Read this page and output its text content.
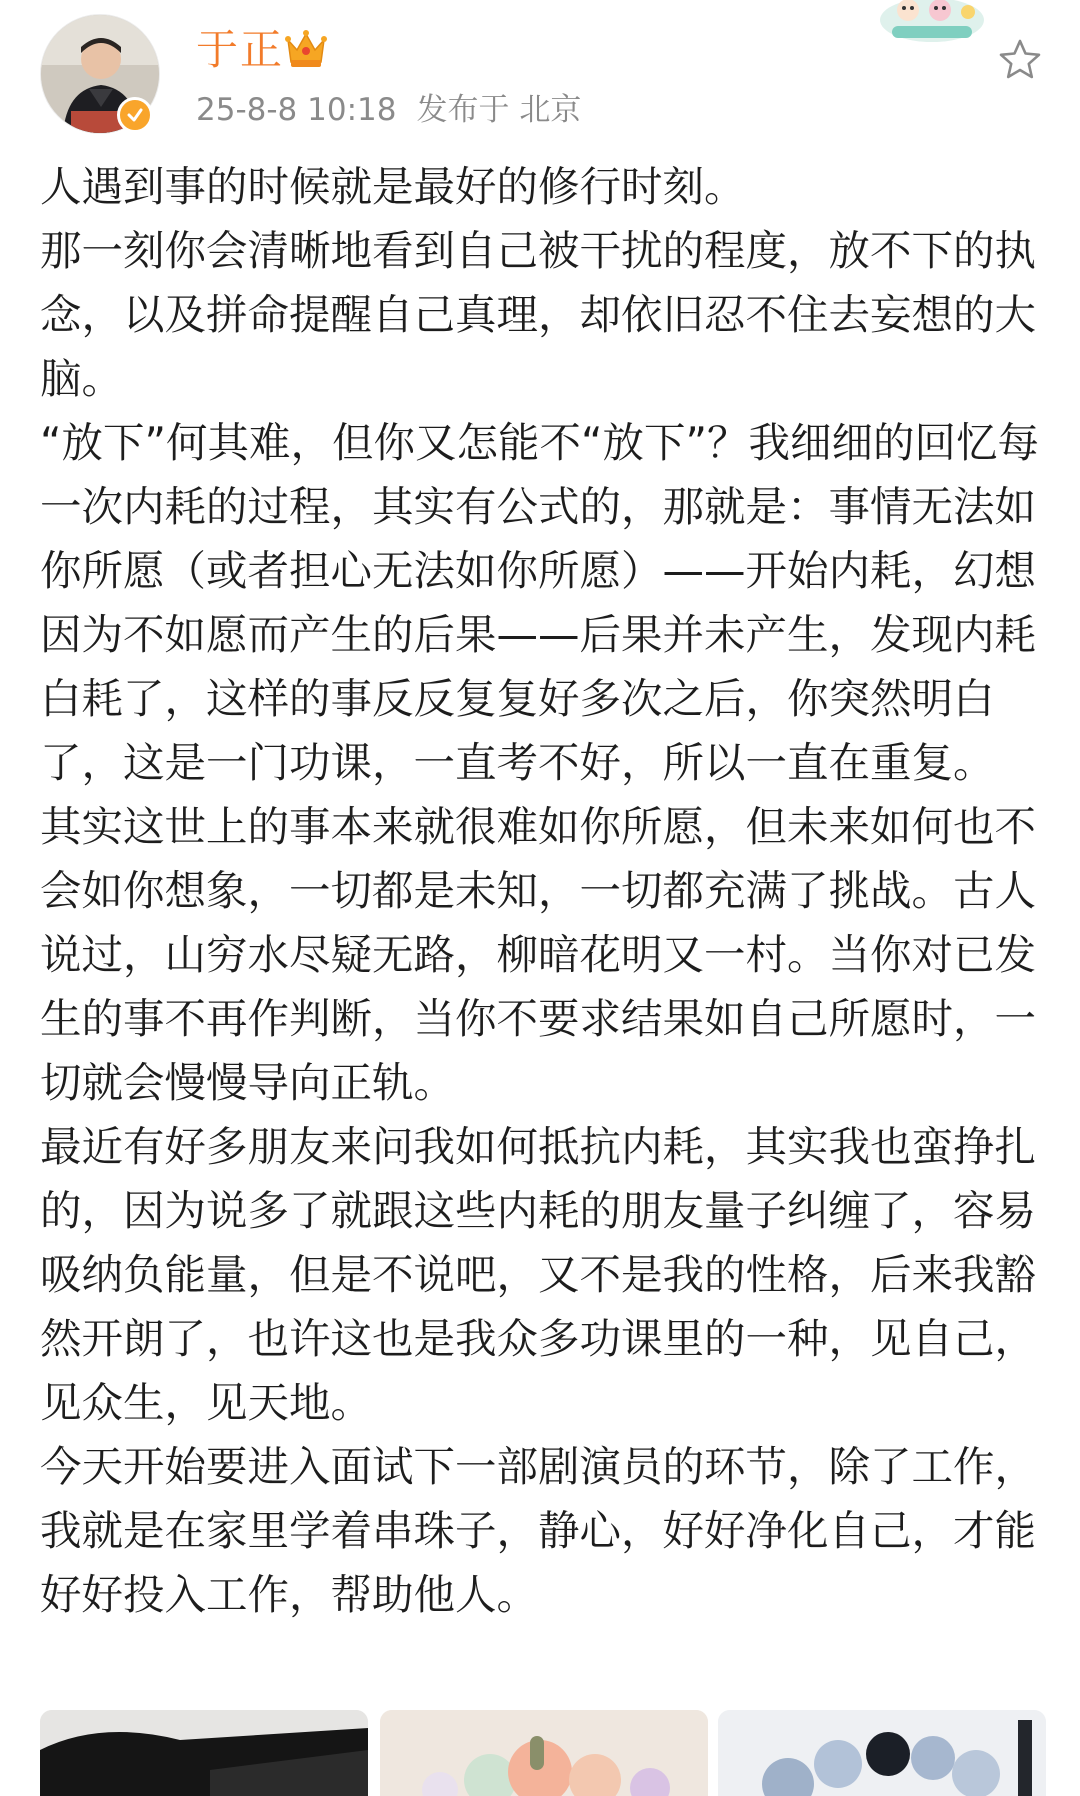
于正
25-8-8 10:18 发布于 北京

人遇到事的时候就是最好的修行时刻。

那一刻你会清晰地看到自己被干扰的程度，放不下的执念，以及拼命提醒自己真理，却依旧忍不住去妄想的大脑。

“放下”何其难，但你又怎能不“放下”？我细细的回忆每一次内耗的过程，其实有公式的，那就是：事情无法如你所愿（或者担心无法如你所愿）——开始内耗，幻想因为不如愿而产生的后果——后果并未产生，发现内耗白耗了，这样的事反反复复好多次之后，你突然明白了，这是一门功课，一直考不好，所以一直在重复。

其实这世上的事本来就很难如你所愿，但未来如何也不会如你想象，一切都是未知，一切都充满了挑战。古人说过，山穷水尽疑无路，柳暗花明又一村。当你对已发生的事不再作判断，当你不要求结果如自己所愿时，一切就会慢慢导向正轨。

最近有好多朋友来问我如何抵抗内耗，其实我也蛮挣扎的，因为说多了就跟这些内耗的朋友量子纠缠了，容易吸纳负能量，但是不说吧，又不是我的性格，后来我豁然开朗了，也许这也是我众多功课里的一种，见自己，见众生，见天地。

今天开始要进入面试下一部剧演员的环节，除了工作，我就是在家里学着串珠子，静心，好好净化自己，才能好好投入工作，帮助他人。
